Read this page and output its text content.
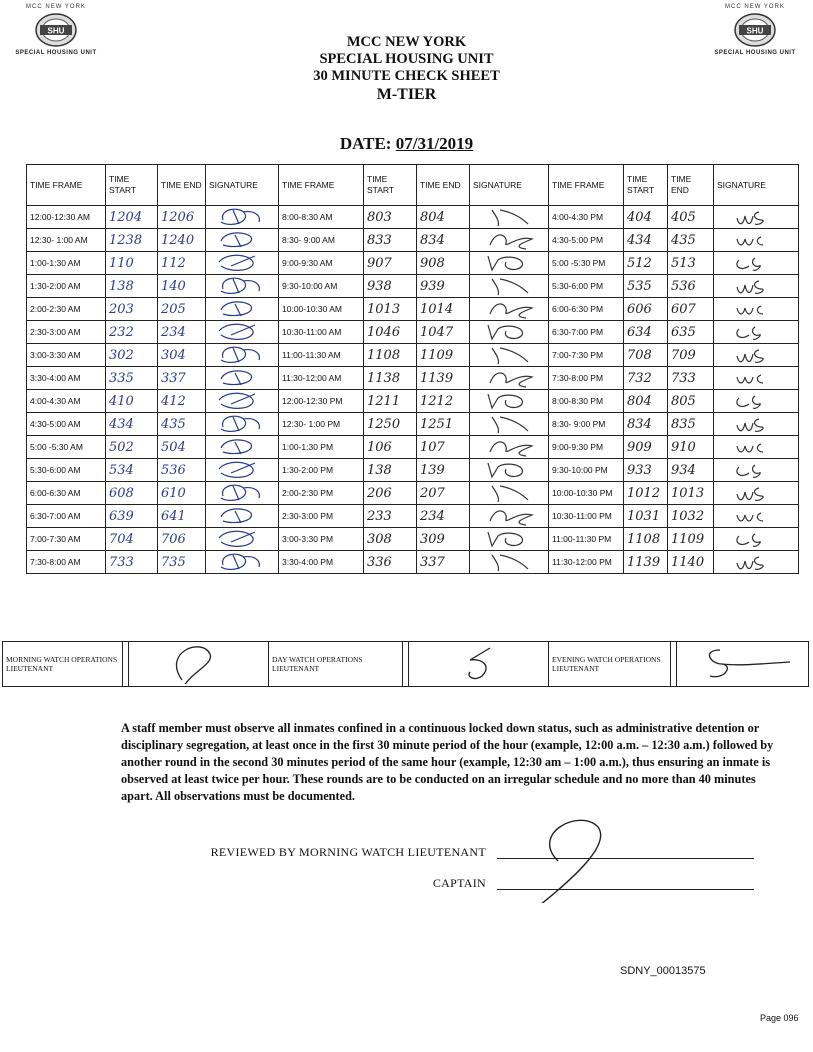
MCC NEW YORK
SHU
SPECIAL HOUSING UNIT
MCC NEW YORK
SHU
SPECIAL HOUSING UNIT
MCC NEW YORK
SPECIAL HOUSING UNIT
30 MINUTE CHECK SHEET
M-TIER
DATE: 07/31/2019
TIME FRAME	TIME START	TIME END	SIGNATURE	TIME FRAME	TIME START	TIME END	SIGNATURE	TIME FRAME	TIME START	TIME END	SIGNATURE
12:00-12:30 AM	1204	1206		8:00-8:30 AM	803	804		4:00-4:30 PM	404	405	

12:30- 1:00 AM	1238	1240		8:30- 9:00 AM	833	834		4:30-5:00 PM	434	435	

1:00-1:30 AM	110	112		9:00-9:30 AM	907	908		5:00 -5:30 PM	512	513	

1:30-2:00 AM	138	140		9:30-10:00 AM	938	939		5:30-6:00 PM	535	536	

2:00-2:30 AM	203	205		10:00-10:30 AM	1013	1014		6:00-6:30 PM	606	607	

2:30-3:00 AM	232	234		10:30-11:00 AM	1046	1047		6:30-7:00 PM	634	635	

3:00-3:30 AM	302	304		11:00-11:30 AM	1108	1109		7:00-7:30 PM	708	709	

3:30-4:00 AM	335	337		11:30-12:00 AM	1138	1139		7:30-8:00 PM	732	733	

4:00-4:30 AM	410	412		12:00-12:30 PM	1211	1212		8:00-8:30 PM	804	805	

4:30-5:00 AM	434	435		12:30- 1:00 PM	1250	1251		8:30- 9:00 PM	834	835	

5:00 -5:30 AM	502	504		1:00-1:30 PM	106	107		9:00-9:30 PM	909	910	

5:30-6:00 AM	534	536		1:30-2:00 PM	138	139		9:30-10:00 PM	933	934	

6:00-6:30 AM	608	610		2:00-2:30 PM	206	207		10:00-10:30 PM	1012	1013	

6:30-7:00 AM	639	641		2:30-3:00 PM	233	234		10:30-11:00 PM	1031	1032	

7:00-7:30 AM	704	706		3:00-3:30 PM	308	309		11:00-11:30 PM	1108	1109	

7:30-8:00 AM	733	735		3:30-4:00 PM	336	337		11:30-12:00 PM	1139	1140	
MORNING WATCH OPERATIONS LIEUTENANT			DAY WATCH OPERATIONS LIEUTENANT			EVENING WATCH OPERATIONS LIEUTENANT		
A staff member must observe all inmates confined in a continuous locked down status, such as administrative detention or disciplinary segregation, at least once in the first 30 minute period of the hour (example, 12:00 a.m. – 12:30 a.m.) followed by another round in the second 30 minutes period of the same hour (example, 12:30 am – 1:00 a.m.), thus ensuring an inmate is observed at least twice per hour. These rounds are to be conducted on an irregular schedule and no more than 40 minutes apart. All observations must be documented.
REVIEWED BY MORNING WATCH LIEUTENANT
CAPTAIN
SDNY_00013575
Page 096
